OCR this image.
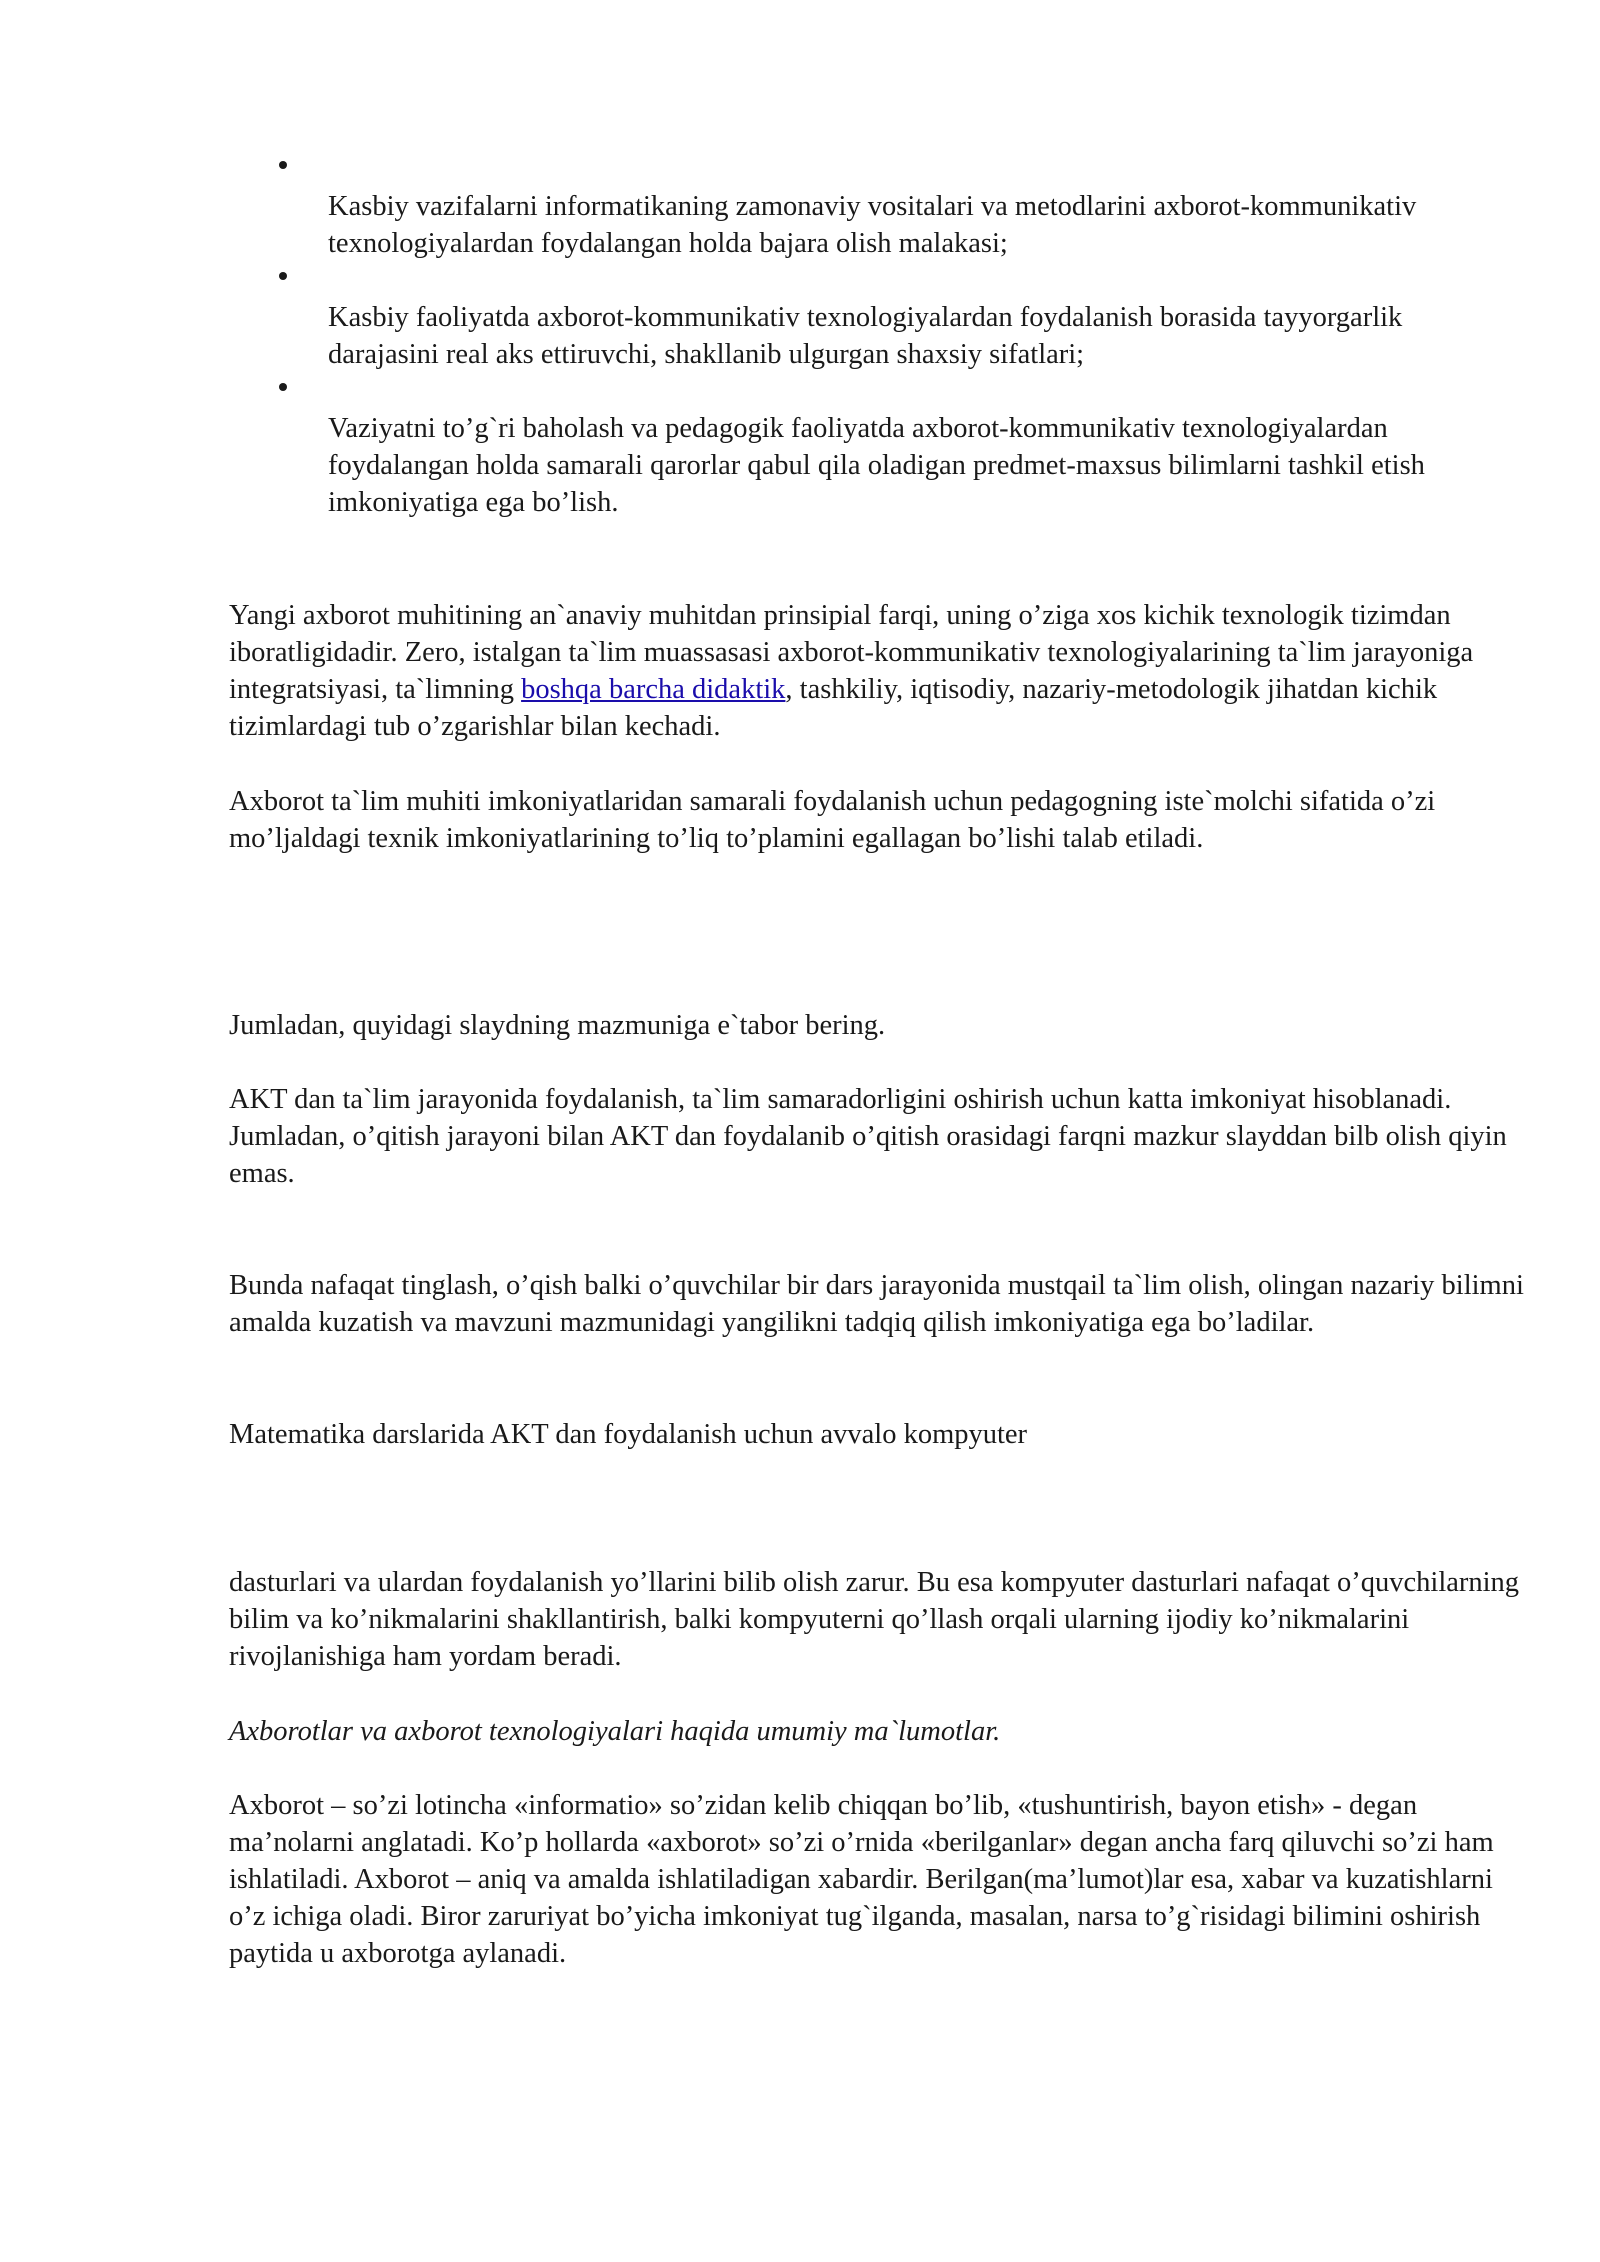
Kasbiy vazifalarni informatikaning zamonaviy vositalari va metodlarini axborot-kommunikativ texnologiyalardan foydalangan holda bajara olish malakasi;
Kasbiy faoliyatda axborot-kommunikativ texnologiyalardan foydalanish borasida tayyorgarlik darajasini real aks ettiruvchi, shakllanib ulgurgan shaxsiy sifatlari;
Vaziyatni to’g`ri baholash va pedagogik faoliyatda axborot-kommunikativ texnologiyalardan foydalangan holda samarali qarorlar qabul qila oladigan predmet-maxsus bilimlarni tashkil etish imkoniyatiga ega bo’lish.

Yangi axborot muhitining an`anaviy muhitdan prinsipial farqi, uning o’ziga xos kichik texnologik tizimdan iboratligidadir. Zero, istalgan ta`lim muassasasi axborot-kommunikativ texnologiyalarining ta`lim jarayoniga integratsiyasi, ta`limning boshqa barcha didaktik, tashkiliy, iqtisodiy, nazariy-metodologik jihatdan kichik tizimlardagi tub o’zgarishlar bilan kechadi.

Axborot ta`lim muhiti imkoniyatlaridan samarali foydalanish uchun pedagogning iste`molchi sifatida o’zi mo’ljaldagi texnik imkoniyatlarining to’liq to’plamini egallagan bo’lishi talab etiladi.

Jumladan, quyidagi slaydning mazmuniga e`tabor bering.

AKT dan ta`lim jarayonida foydalanish, ta`lim samaradorligini oshirish uchun katta imkoniyat hisoblanadi. Jumladan, o’qitish jarayoni bilan AKT dan foydalanib o’qitish orasidagi farqni mazkur slayddan bilb olish qiyin emas.

Bunda nafaqat tinglash, o’qish balki o’quvchilar bir dars jarayonida mustqail ta`lim olish, olingan nazariy bilimni amalda kuzatish va mavzuni mazmunidagi yangilikni tadqiq qilish imkoniyatiga ega bo’ladilar.

Matematika darslarida AKT dan foydalanish uchun avvalo kompyuter

dasturlari va ulardan foydalanish yo’llarini bilib olish zarur. Bu esa kompyuter dasturlari nafaqat o’quvchilarning bilim va ko’nikmalarini shakllantirish, balki kompyuterni qo’llash orqali ularning ijodiy ko’nikmalarini rivojlanishiga ham yordam beradi.

Axborotlar va axborot texnologiyalari haqida umumiy ma`lumotlar.

Axborot – so’zi lotincha «informatio» so’zidan kelib chiqqan bo’lib, «tushuntirish, bayon etish» - degan ma’nolarni anglatadi. Ko’p hollarda «axborot» so’zi o’rnida «berilganlar» degan ancha farq qiluvchi so’zi ham ishlatiladi. Axborot – aniq va amalda ishlatiladigan xabardir. Berilgan(ma’lumot)lar esa, xabar va kuzatishlarni o’z ichiga oladi. Biror zaruriyat bo’yicha imkoniyat tug`ilganda, masalan, narsa to’g`risidagi bilimini oshirish paytida u axborotga aylanadi.
